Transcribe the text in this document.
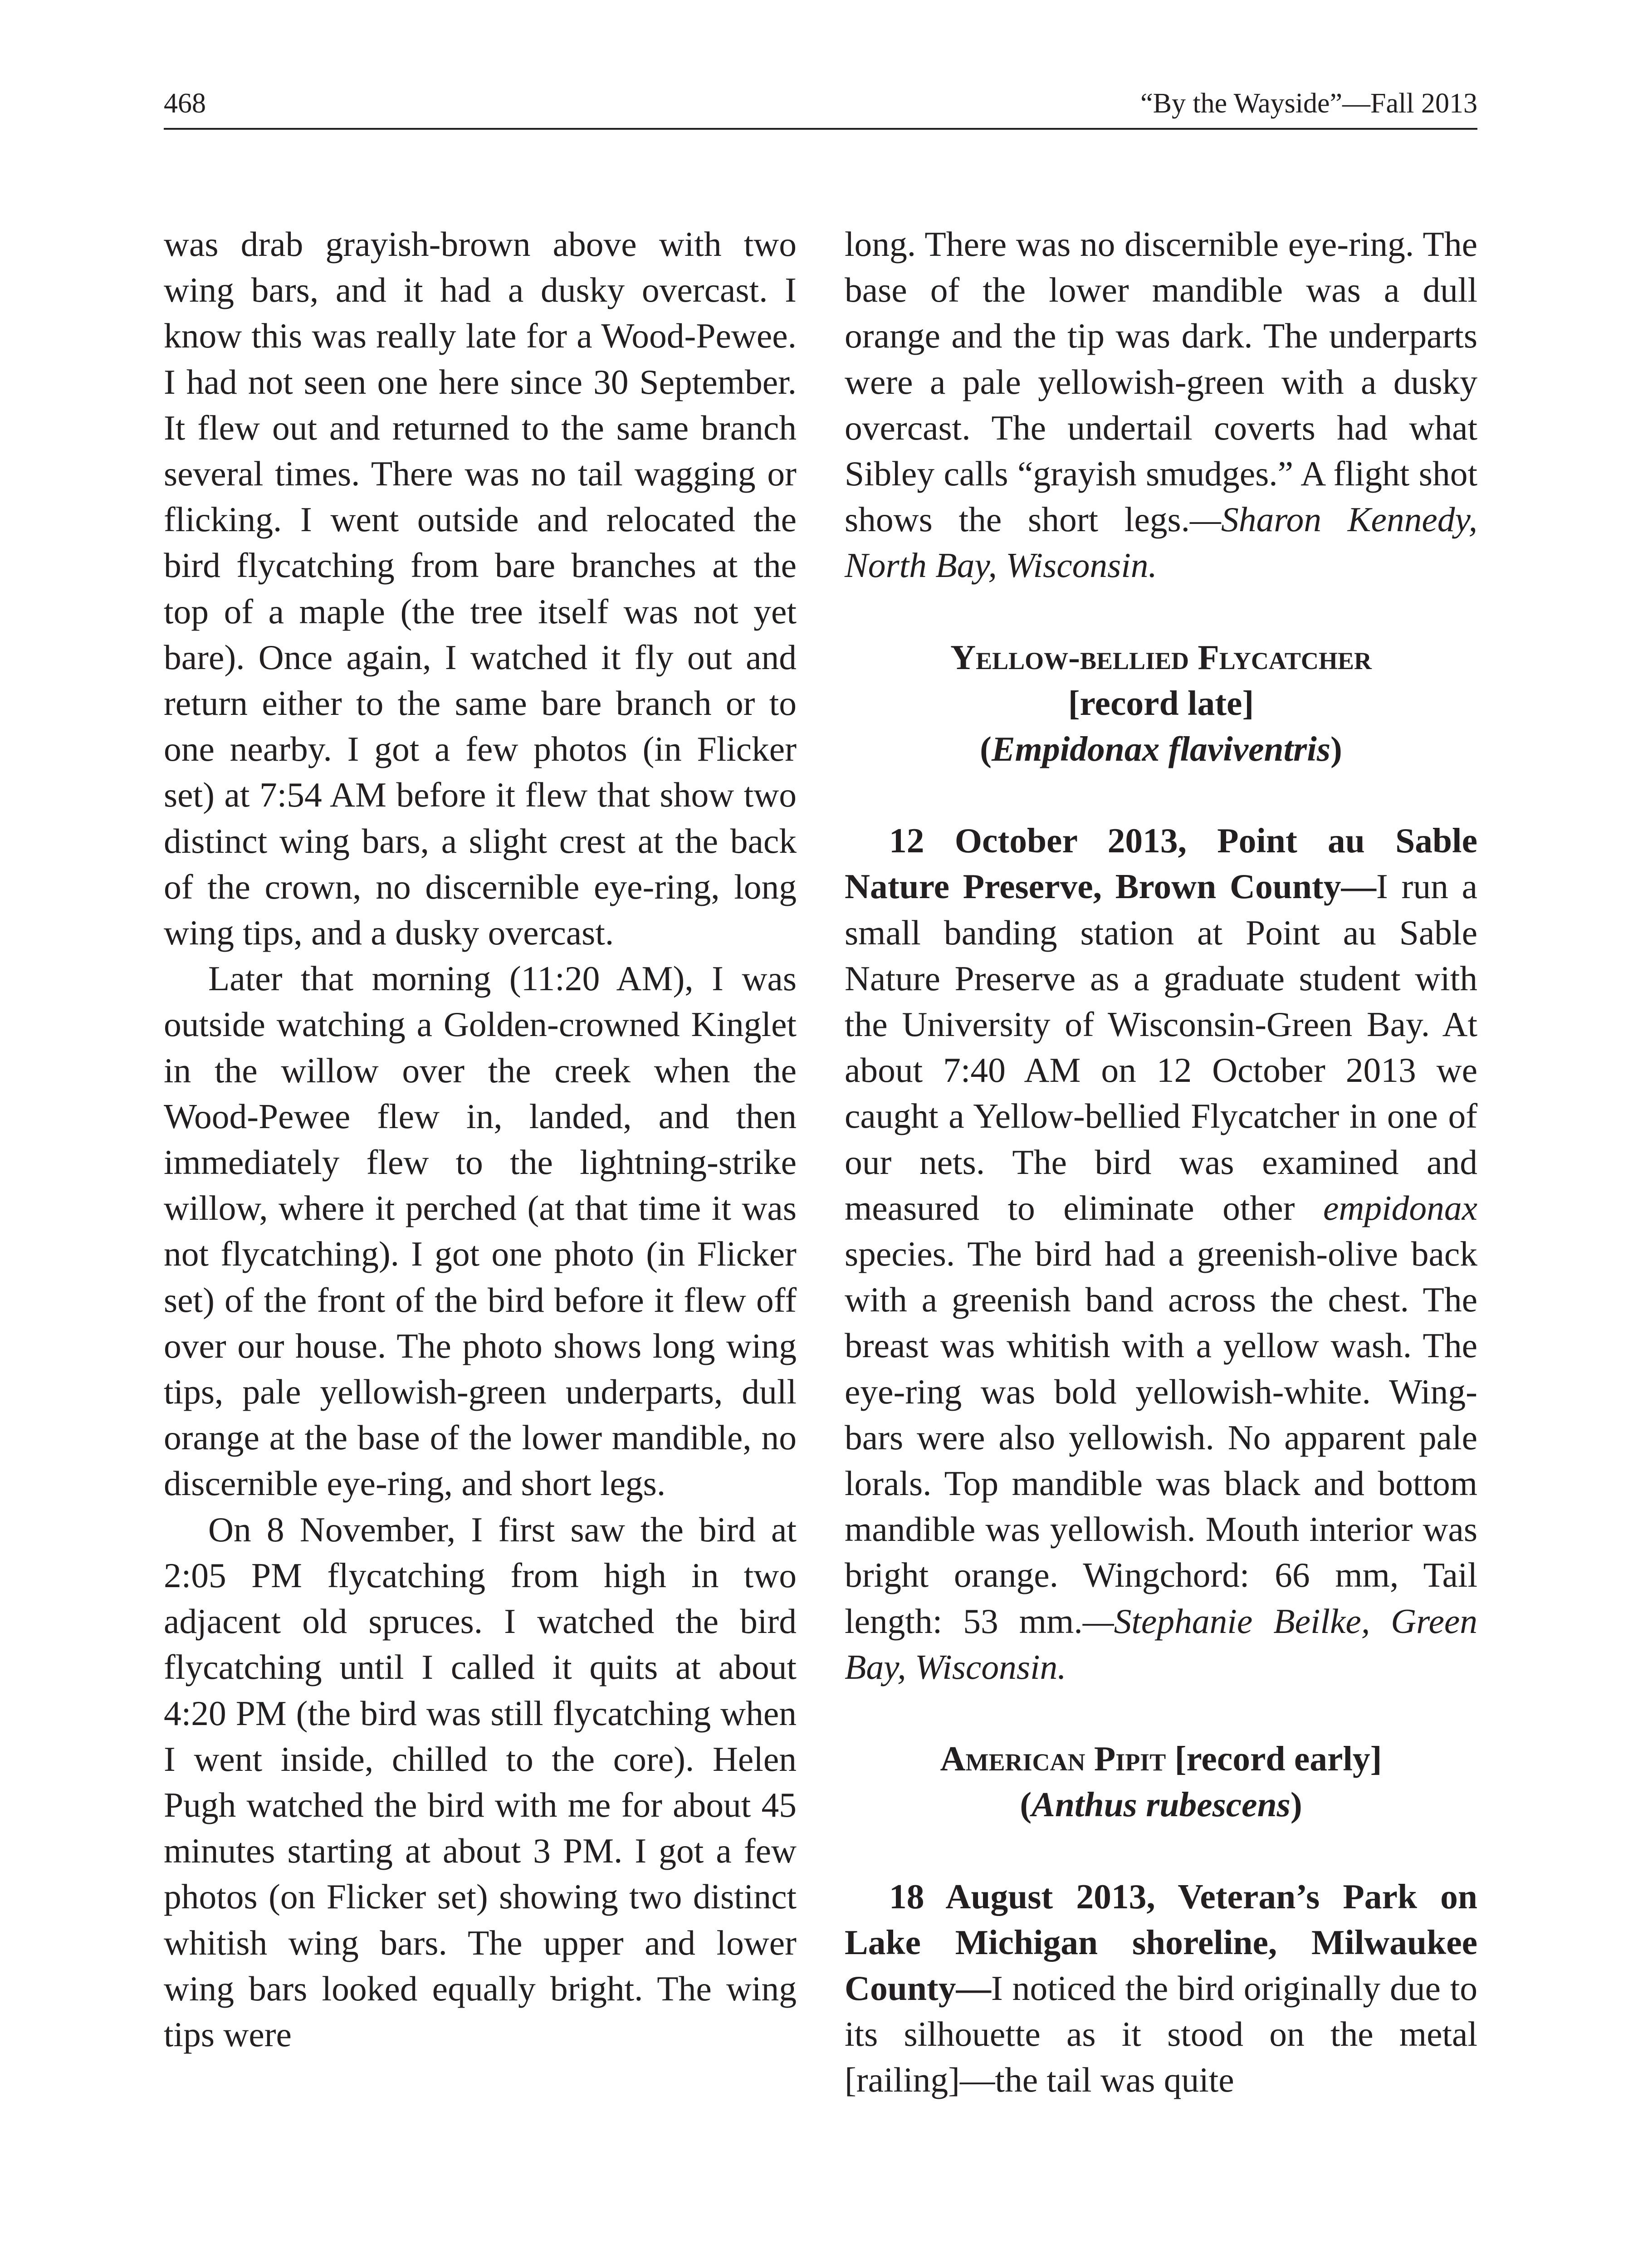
468	“By the Wayside”—Fall 2013

was drab grayish-brown above with two wing bars, and it had a dusky overcast. I know this was really late for a Wood-Pewee. I had not seen one here since 30 September. It flew out and returned to the same branch several times. There was no tail wagging or flicking. I went outside and relocated the bird flycatching from bare branches at the top of a maple (the tree itself was not yet bare). Once again, I watched it fly out and return either to the same bare branch or to one nearby. I got a few photos (in Flicker set) at 7:54 AM before it flew that show two distinct wing bars, a slight crest at the back of the crown, no discernible eye-ring, long wing tips, and a dusky overcast.

Later that morning (11:20 AM), I was outside watching a Golden-crowned Kinglet in the willow over the creek when the Wood-Pewee flew in, landed, and then immediately flew to the lightning-strike willow, where it perched (at that time it was not flycatching). I got one photo (in Flicker set) of the front of the bird before it flew off over our house. The photo shows long wing tips, pale yellowish-green underparts, dull orange at the base of the lower mandible, no discernible eye-ring, and short legs.

On 8 November, I first saw the bird at 2:05 PM flycatching from high in two adjacent old spruces. I watched the bird flycatching until I called it quits at about 4:20 PM (the bird was still flycatching when I went inside, chilled to the core). Helen Pugh watched the bird with me for about 45 minutes starting at about 3 PM. I got a few photos (on Flicker set) showing two distinct whitish wing bars. The upper and lower wing bars looked equally bright. The wing tips were

long. There was no discernible eye-ring. The base of the lower mandible was a dull orange and the tip was dark. The underparts were a pale yellowish-green with a dusky overcast. The undertail coverts had what Sibley calls “grayish smudges.” A flight shot shows the short legs.—Sharon Kennedy, North Bay, Wisconsin.

Yellow-bellied Flycatcher
[record late]
(Empidonax flaviventris)

12 October 2013, Point au Sable Nature Preserve, Brown County—I run a small banding station at Point au Sable Nature Preserve as a graduate student with the University of Wisconsin-Green Bay. At about 7:40 AM on 12 October 2013 we caught a Yellow-bellied Flycatcher in one of our nets. The bird was examined and measured to eliminate other empidonax species. The bird had a greenish-olive back with a greenish band across the chest. The breast was whitish with a yellow wash. The eye-ring was bold yellowish-white. Wing-bars were also yellowish. No apparent pale lorals. Top mandible was black and bottom mandible was yellowish. Mouth interior was bright orange. Wingchord: 66 mm, Tail length: 53 mm.—Stephanie Beilke, Green Bay, Wisconsin.

American Pipit [record early]
(Anthus rubescens)

18 August 2013, Veteran’s Park on Lake Michigan shoreline, Milwaukee County—I noticed the bird originally due to its silhouette as it stood on the metal [railing]—the tail was quite
